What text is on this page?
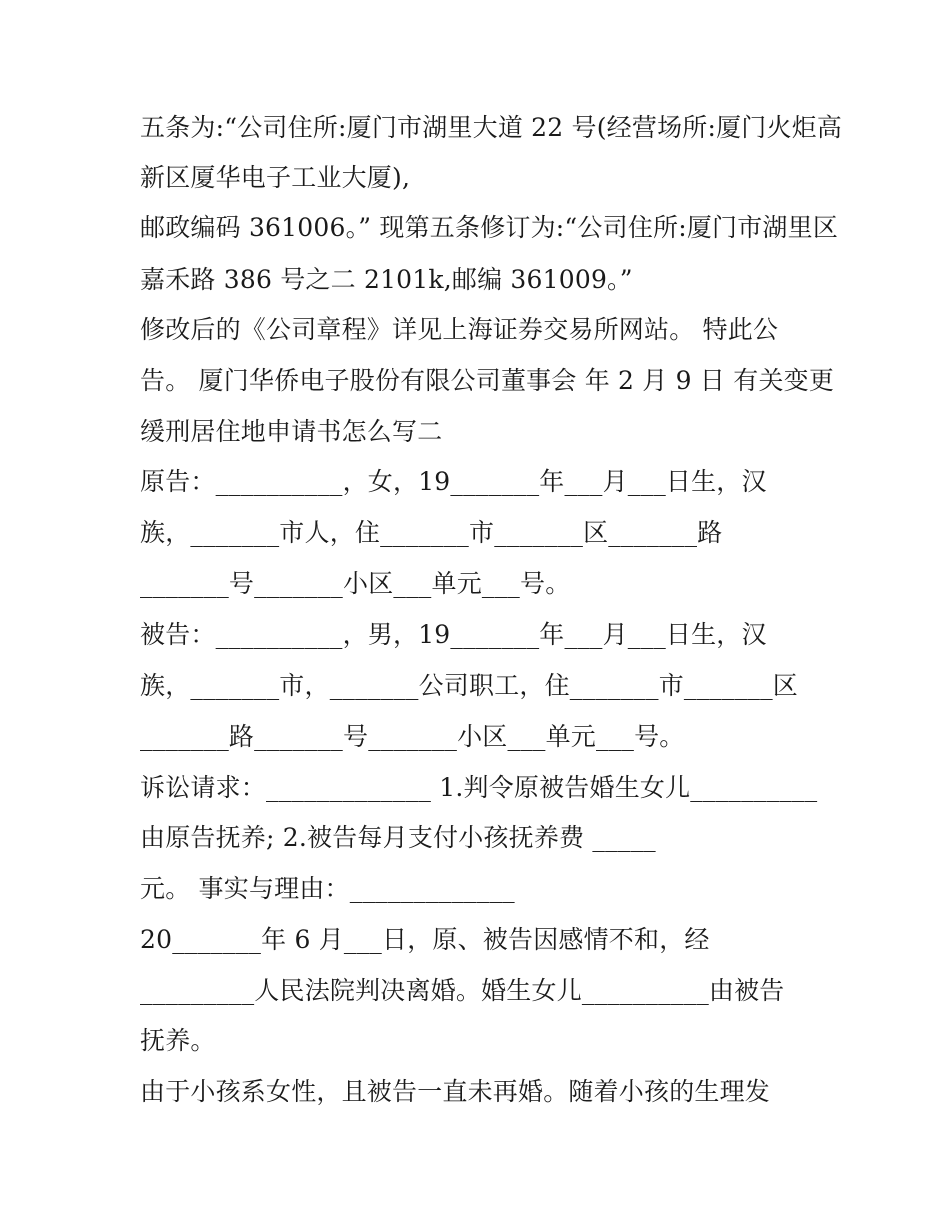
五条为:“公司住所:厦门市湖里大道 22 号(经营场所:厦门火炬高
新区厦华电子工业大厦),
邮政编码 361006。” 现第五条修订为:“公司住所:厦门市湖里区
嘉禾路 386 号之二 2101k,邮编 361009。”
修改后的《公司章程》详见上海证券交易所网站。 特此公
告。 厦门华侨电子股份有限公司董事会 年 2 月 9 日 有关变更
缓刑居住地申请书怎么写二
原告：__________，女，19_______年___月___日生，汉
族，_______市人，住_______市_______区_______路
_______号_______小区___单元___号。
被告：__________，男，19_______年___月___日生，汉
族，_______市，_______公司职工，住_______市_______区
_______路_______号_______小区___单元___号。
诉讼请求：_____________ 1.判令原被告婚生女儿__________
由原告抚养; 2.被告每月支付小孩抚养费 _____
元。 事实与理由：_____________
20_______年 6 月___日，原、被告因感情不和，经
_________人民法院判决离婚。婚生女儿__________由被告
抚养。
由于小孩系女性，且被告一直未再婚。随着小孩的生理发
